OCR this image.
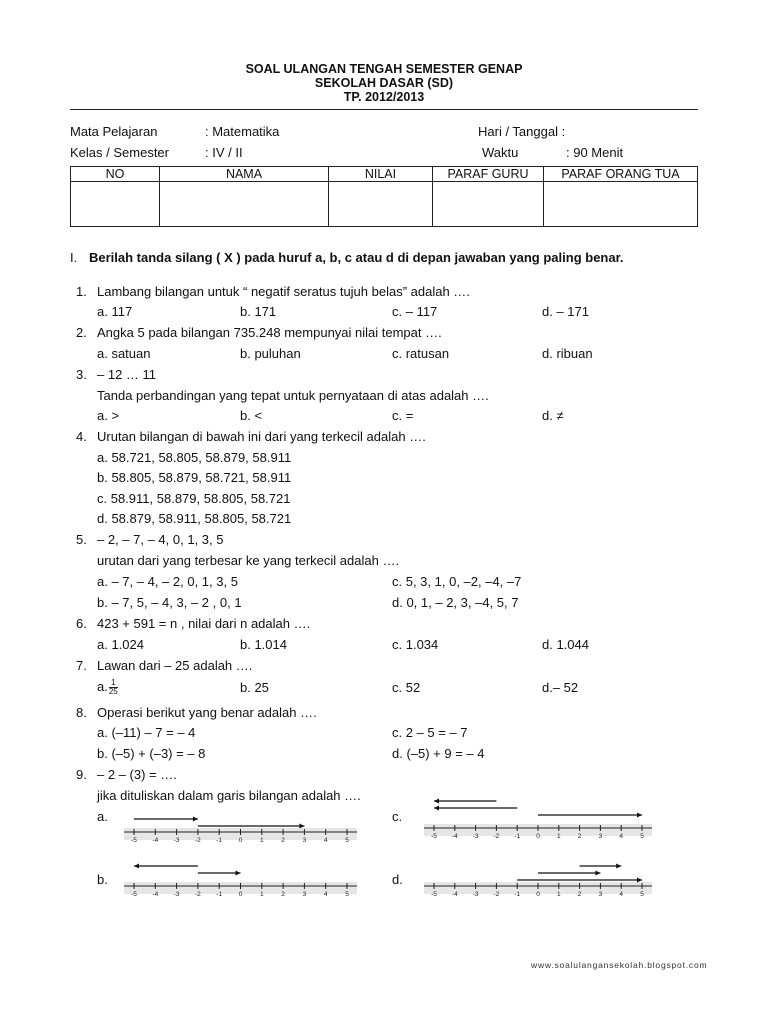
SOAL ULANGAN TENGAH SEMESTER GENAP
SEKOLAH DASAR (SD)
TP. 2012/2013
Mata Pelajaran	: Matematika	Hari / Tanggal :
Kelas / Semester	: IV / II	Waktu	: 90 Menit
NO	NAMA	NILAI	PARAF GURU	PARAF ORANG TUA

I. Berilah tanda silang ( X ) pada huruf a, b, c atau d di depan jawaban yang paling benar.
1. Lambang bilangan untuk “ negatif seratus tujuh belas” adalah ….
a. 117	b. 171	c. – 117	d. – 171
2. Angka 5 pada bilangan 735.248 mempunyai nilai tempat ….
a. satuan	b. puluhan	c. ratusan	d. ribuan
3. – 12 … 11
Tanda perbandingan yang tepat untuk pernyataan di atas adalah ….
a. >	b. <	c. =	d. ≠
4. Urutan bilangan di bawah ini dari yang terkecil adalah ….
a. 58.721, 58.805, 58.879, 58.911
b. 58.805, 58.879, 58.721, 58.911
c. 58.911, 58.879, 58.805, 58.721
d. 58.879, 58.911, 58.805, 58.721
5. – 2, – 7, – 4, 0, 1, 3, 5
urutan dari yang terbesar ke yang terkecil adalah ….
a. – 7, – 4, – 2, 0, 1, 3, 5	c. 5, 3, 1, 0, –2, –4, –7
b. – 7, 5, – 4, 3, – 2 , 0, 1	d. 0, 1, – 2, 3, –4, 5, 7
6. 423 + 591 = n , nilai dari n adalah ….
a. 1.024	b. 1.014	c. 1.034	d. 1.044
7. Lawan dari – 25 adalah ….
a. $\frac{1}{25}$	b. 25	c. 52	d.– 52
8. Operasi berikut yang benar adalah ….
a. (–11) – 7 = – 4	c. 2 – 5 = – 7
b. (–5) + (–3) = – 8	d. (–5) + 9 = – 4
9. – 2 – (3) = ….
jika dituliskan dalam garis bilangan adalah ….
a.	c.
b.	d.
-5 -4 -3 -2 -1	0	1	2	3	4	5
-5 -4 -3 -2 -1 0	1	2	3	4	5
-5 -4 -3 -2 -1	0	1	2	3	4	5	-5 -4 -3 -2 -1 0	1	2	3	4	5
www.soalulangansekolah.blogspot.com
